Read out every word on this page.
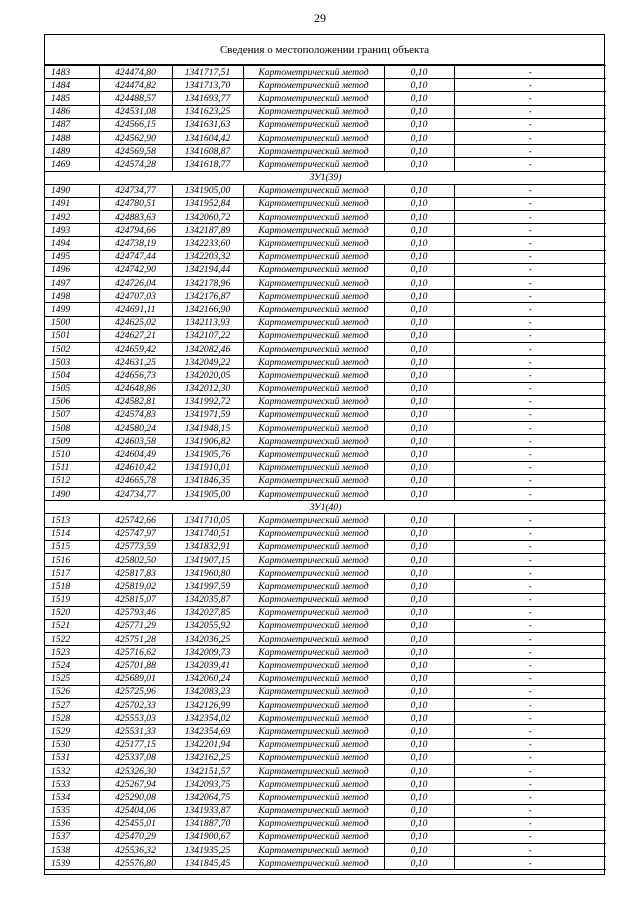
29
Сведения о местоположении границ объекта
1483	424474,80	1341717,51	Картометрический метод	0,10	-
1484	424474,82	1341713,70	Картометрический метод	0,10	-
1485	424488,57	1341693,77	Картометрический метод	0,10	-
1486	424531,08	1341623,25	Картометрический метод	0,10	-
1487	424566,15	1341631,63	Картометрический метод	0,10	-
1488	424562,90	1341604,42	Картометрический метод	0,10	-
1489	424569,58	1341608,87	Картометрический метод	0,10	-
1469	424574,28	1341618,77	Картометрический метод	0,10	-
ЗУ1(39)					
1490	424734,77	1341905,00	Картометрический метод	0,10	-
1491	424780,51	1341952,84	Картометрический метод	0,10	-
1492	424883,63	1342060,72	Картометрический метод	0,10	-
1493	424794,66	1342187,89	Картометрический метод	0,10	-
1494	424738,19	1342233,60	Картометрический метод	0,10	-
1495	424747,44	1342203,32	Картометрический метод	0,10	-
1496	424742,90	1342194,44	Картометрический метод	0,10	-
1497	424726,04	1342178,96	Картометрический метод	0,10	-
1498	424707,03	1342176,87	Картометрический метод	0,10	-
1499	424691,11	1342166,90	Картометрический метод	0,10	-
1500	424625,02	1342113,93	Картометрический метод	0,10	-
1501	424627,21	1342107,22	Картометрический метод	0,10	-
1502	424659,42	1342082,46	Картометрический метод	0,10	-
1503	424631,25	1342049,22	Картометрический метод	0,10	-
1504	424656,73	1342020,05	Картометрический метод	0,10	-
1505	424648,86	1342012,30	Картометрический метод	0,10	-
1506	424582,81	1341992,72	Картометрический метод	0,10	-
1507	424574,83	1341971,59	Картометрический метод	0,10	-
1508	424580,24	1341948,15	Картометрический метод	0,10	-
1509	424603,58	1341906,82	Картометрический метод	0,10	-
1510	424604,49	1341905,76	Картометрический метод	0,10	-
1511	424610,42	1341910,01	Картометрический метод	0,10	-
1512	424665,78	1341846,35	Картометрический метод	0,10	-
1490	424734,77	1341905,00	Картометрический метод	0,10	-
ЗУ1(40)					
1513	425742,66	1341710,05	Картометрический метод	0,10	-
1514	425747,97	1341740,51	Картометрический метод	0,10	-
1515	425773,59	1341832,91	Картометрический метод	0,10	-
1516	425802,50	1341907,15	Картометрический метод	0,10	-
1517	425817,83	1341960,80	Картометрический метод	0,10	-
1518	425819,02	1341997,59	Картометрический метод	0,10	-
1519	425815,07	1342035,87	Картометрический метод	0,10	-
1520	425793,46	1342027,85	Картометрический метод	0,10	-
1521	425771,29	1342055,92	Картометрический метод	0,10	-
1522	425751,28	1342036,25	Картометрический метод	0,10	-
1523	425716,62	1342009,73	Картометрический метод	0,10	-
1524	425701,88	1342039,41	Картометрический метод	0,10	-
1525	425689,01	1342060,24	Картометрический метод	0,10	-
1526	425725,96	1342083,23	Картометрический метод	0,10	-
1527	425702,33	1342126,99	Картометрический метод	0,10	-
1528	425553,03	1342354,02	Картометрический метод	0,10	-
1529	425531,33	1342354,69	Картометрический метод	0,10	-
1530	425177,15	1342201,94	Картометрический метод	0,10	-
1531	425337,08	1342162,25	Картометрический метод	0,10	-
1532	425326,30	1342151,57	Картометрический метод	0,10	-
1533	425267,94	1342093,75	Картометрический метод	0,10	-
1534	425290,08	1342064,75	Картометрический метод	0,10	-
1535	425404,06	1341933,87	Картометрический метод	0,10	-
1536	425455,01	1341887,70	Картометрический метод	0,10	-
1537	425470,29	1341900,67	Картометрический метод	0,10	-
1538	425536,32	1341935,25	Картометрический метод	0,10	-
1539	425576,80	1341845,45	Картометрический метод	0,10	-
